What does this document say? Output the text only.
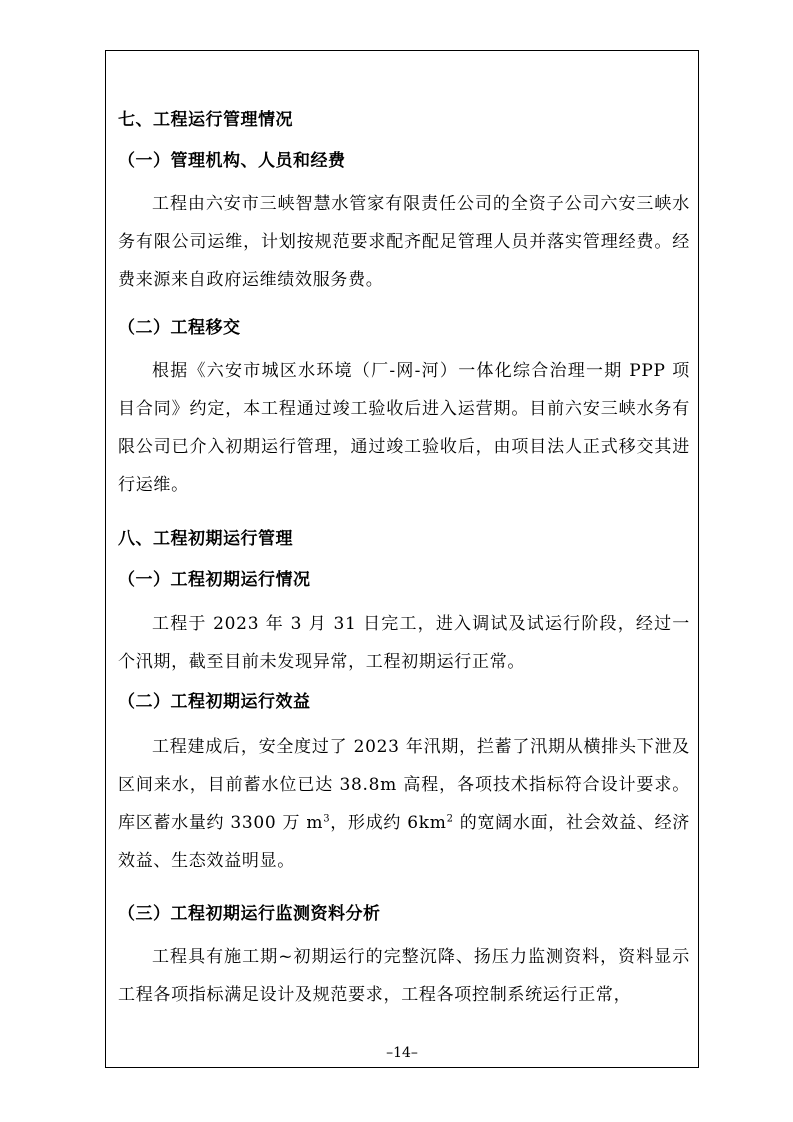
七、工程运行管理情况
（一）管理机构、人员和经费
工程由六安市三峡智慧水管家有限责任公司的全资子公司六安三峡水务有限公司运维，计划按规范要求配齐配足管理人员并落实管理经费。经费来源来自政府运维绩效服务费。
（二）工程移交
根据《六安市城区水环境（厂-网-河）一体化综合治理一期 PPP 项目合同》约定，本工程通过竣工验收后进入运营期。目前六安三峡水务有限公司已介入初期运行管理，通过竣工验收后，由项目法人正式移交其进行运维。
八、工程初期运行管理
（一）工程初期运行情况
工程于 2023 年 3 月 31 日完工，进入调试及试运行阶段，经过一个汛期，截至目前未发现异常，工程初期运行正常。
（二）工程初期运行效益
工程建成后，安全度过了 2023 年汛期，拦蓄了汛期从横排头下泄及区间来水，目前蓄水位已达 38.8m 高程，各项技术指标符合设计要求。库区蓄水量约 3300 万 $m^3$，形成约 $6km^2$ 的宽阔水面，社会效益、经济效益、生态效益明显。
（三）工程初期运行监测资料分析
工程具有施工期~初期运行的完整沉降、扬压力监测资料，资料显示工程各项指标满足设计及规范要求，工程各项控制系统运行正常，
–14–
